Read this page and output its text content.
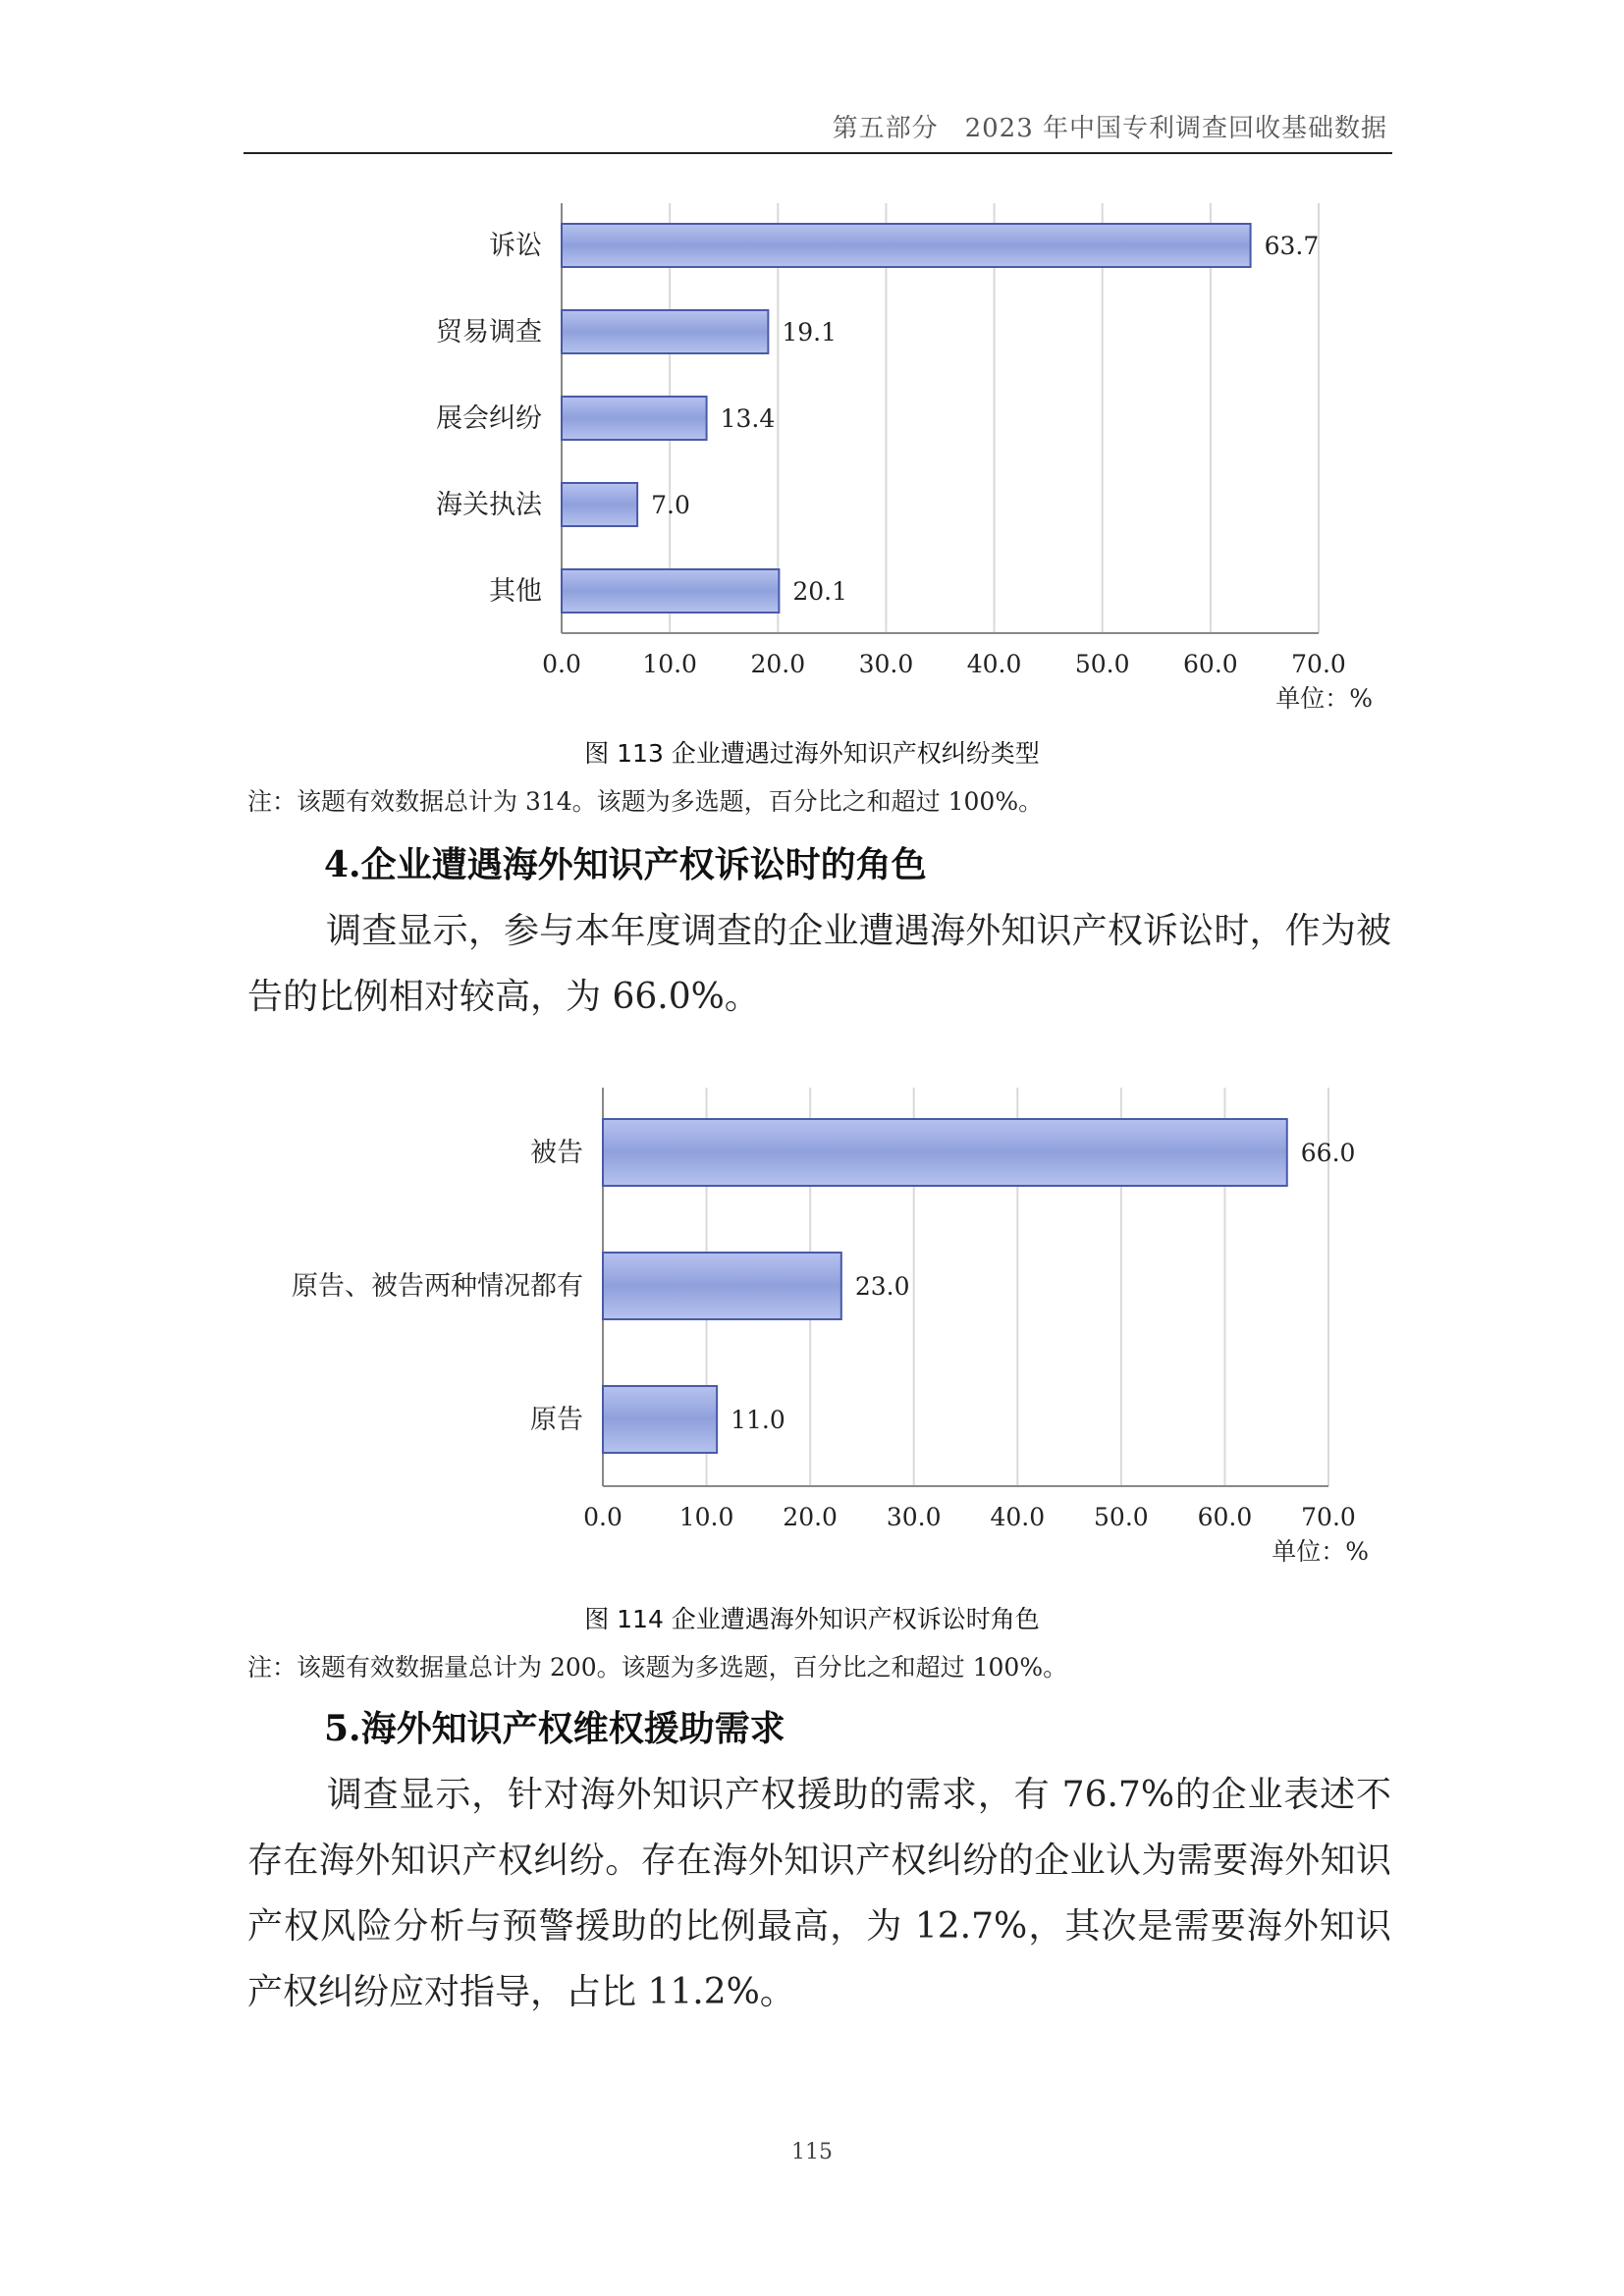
第五部分　2023 年中国专利调查回收基础数据
0.0 10.0 20.0 30.0 40.0 50.0 60.0 70.0
单位：%
诉讼	63.7
贸易调查	19.1
展会纠纷	13.4
海关执法	7.0
其他	20.1
图 113 企业遭遇过海外知识产权纠纷类型
注：该题有效数据总计为 314。该题为多选题，百分比之和超过 100%。
4.企业遭遇海外知识产权诉讼时的角色

调查显示，参与本年度调查的企业遭遇海外知识产权诉讼时，作为被告的比例相对较高，为 66.0%。

0.0 10.0 20.0 30.0 40.0 50.0 60.0 70.0
单位：%
被告	66.0
原告、被告两种情况都有	23.0
原告	11.0
图 114 企业遭遇海外知识产权诉讼时角色
注：该题有效数据量总计为 200。该题为多选题，百分比之和超过 100%。
5.海外知识产权维权援助需求

调查显示，针对海外知识产权援助的需求，有 76.7%的企业表述不存在海外知识产权纠纷。存在海外知识产权纠纷的企业认为需要海外知识产权风险分析与预警援助的比例最高，为 12.7%，其次是需要海外知识产权纠纷应对指导，占比 11.2%。

115
